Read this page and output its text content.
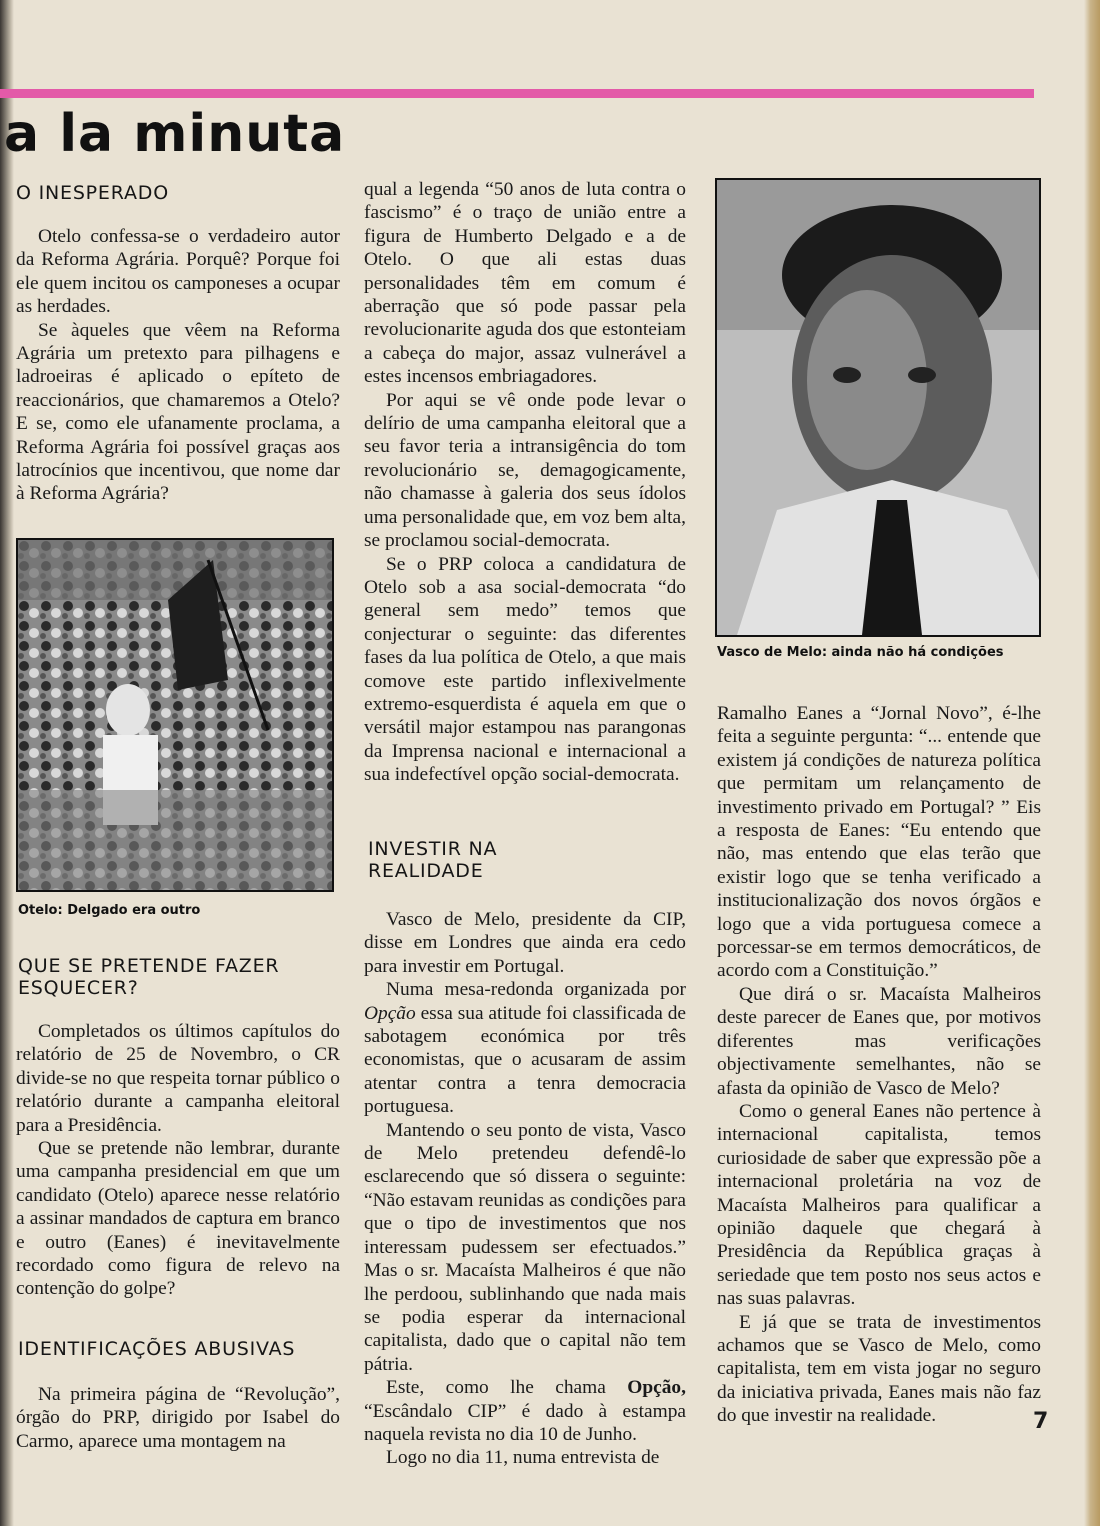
a la minuta
O INESPERADO

Otelo confessa-se o verdadeiro autor da Reforma Agrária. Porquê? Porque foi ele quem incitou os camponeses a ocupar as herdades.

Se àqueles que vêem na Reforma Agrária um pretexto para pilhagens e ladroeiras é aplicado o epíteto de reaccionários, que chamaremos a Otelo? E se, como ele ufanamente proclama, a Reforma Agrária foi possível graças aos latrocínios que incentivou, que nome dar à Reforma Agrária?

Otelo: Delgado era outro

QUE SE PRETENDE FAZER ESQUECER?

Completados os últimos capítulos do relatório de 25 de Novembro, o CR divide-se no que respeita tornar público o relatório durante a campanha eleitoral para a Presidência.

Que se pretende não lembrar, durante uma campanha presidencial em que um candidato (Otelo) aparece nesse relatório a assinar mandados de captura em branco e outro (Eanes) é inevitavelmente recordado como figura de relevo na contenção do golpe?

IDENTIFICAÇÕES ABUSIVAS

Na primeira página de “Revolução”, órgão do PRP, dirigido por Isabel do Carmo, aparece uma montagem na

qual a legenda “50 anos de luta contra o fascismo” é o traço de união entre a figura de Humberto Delgado e a de Otelo. O que ali estas duas personalidades têm em comum é aberração que só pode passar pela revolucionarite aguda dos que estonteiam a cabeça do major, assaz vulnerável a estes incensos embriagadores.

Por aqui se vê onde pode levar o delírio de uma campanha eleitoral que a seu favor teria a intransigência do tom revolucionário se, demagogicamente, não chamasse à galeria dos seus ídolos uma personalidade que, em voz bem alta, se proclamou social-democrata.

Se o PRP coloca a candidatura de Otelo sob a asa social-democrata “do general sem medo” temos que conjecturar o seguinte: das diferentes fases da lua política de Otelo, a que mais comove este partido inflexivelmente extremo-esquerdista é aquela em que o versátil major estampou nas parangonas da Imprensa nacional e internacional a sua indefectível opção social-democrata.

INVESTIR NA REALIDADE

Vasco de Melo, presidente da CIP, disse em Londres que ainda era cedo para investir em Portugal.

Numa mesa-redonda organizada por Opção essa sua atitude foi classificada de sabotagem económica por três economistas, que o acusaram de assim atentar contra a tenra democracia portuguesa.

Mantendo o seu ponto de vista, Vasco de Melo pretendeu defendê-lo esclarecendo que só dissera o seguinte: “Não estavam reunidas as condições para que o tipo de investimentos que nos interessam pudessem ser efectuados.” Mas o sr. Macaísta Malheiros é que não lhe perdoou, sublinhando que nada mais se podia esperar da internacional capitalista, dado que o capital não tem pátria.

Este, como lhe chama Opção, “Escândalo CIP” é dado à estampa naquela revista no dia 10 de Junho.

Logo no dia 11, numa entrevista de

Vasco de Melo: ainda não há condições

Ramalho Eanes a “Jornal Novo”, é-lhe feita a seguinte pergunta: “... entende que existem já condições de natureza política que permitam um relançamento de investimento privado em Portugal? ” Eis a resposta de Eanes: “Eu entendo que não, mas entendo que elas terão que existir logo que se tenha verificado a institucionalização dos novos órgãos e logo que a vida portuguesa comece a porcessar-se em termos democráticos, de acordo com a Constituição.”

Que dirá o sr. Macaísta Malheiros deste parecer de Eanes que, por motivos diferentes mas verificações objectivamente semelhantes, não se afasta da opinião de Vasco de Melo?

Como o general Eanes não pertence à internacional capitalista, temos curiosidade de saber que expressão põe a internacional proletária na voz de Macaísta Malheiros para qualificar a opinião daquele que chegará à Presidência da República graças à seriedade que tem posto nos seus actos e nas suas palavras.

E já que se trata de investimentos achamos que se Vasco de Melo, como capitalista, tem em vista jogar no seguro da iniciativa privada, Eanes mais não faz do que investir na realidade.	7
